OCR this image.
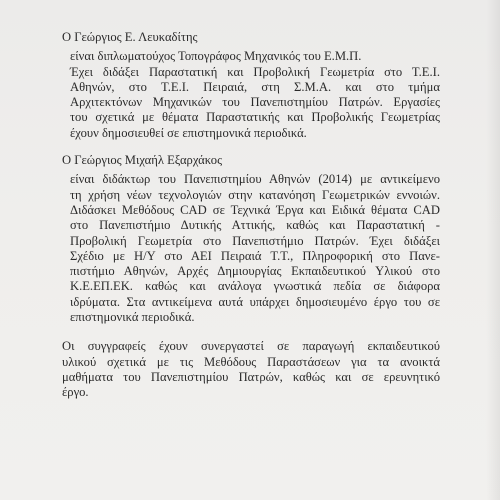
Ο Γεώργιος Ε. Λευκαδίτης
είναι διπλωματούχος Τοπογράφος Μηχανικός του Ε.Μ.Π.
Έχει διδάξει Παραστατική και Προβολική Γεωμετρία στο Τ.Ε.Ι.
Αθηνών, στο Τ.Ε.Ι. Πειραιά, στη Σ.Μ.Α. και στο τμήμα
Αρχιτεκτόνων Μηχανικών του Πανεπιστημίου Πατρών. Εργασίες
του σχετικά με θέματα Παραστατικής και Προβολικής Γεωμετρίας
έχουν δημοσιευθεί σε επιστημονικά περιοδικά.
Ο Γεώργιος Μιχαήλ Εξαρχάκος
είναι διδάκτωρ του Πανεπιστημίου Αθηνών (2014) με αντικείμενο
τη χρήση νέων τεχνολογιών στην κατανόηση Γεωμετρικών εννοιών.
Διδάσκει Μεθόδους CAD σε Τεχνικά Έργα και Ειδικά θέματα CAD
στο Πανεπιστήμιο Δυτικής Αττικής, καθώς και Παραστατική -
Προβολική Γεωμετρία στο Πανεπιστήμιο Πατρών. Έχει διδάξει
Σχέδιο με Η/Υ στο ΑΕΙ Πειραιά Τ.Τ., Πληροφορική στο Πανε-
πιστήμιο Αθηνών, Αρχές Δημιουργίας Εκπαιδευτικού Υλικού στο
Κ.Ε.ΕΠ.ΕΚ. καθώς και ανάλογα γνωστικά πεδία σε διάφορα
ιδρύματα. Στα αντικείμενα αυτά υπάρχει δημοσιευμένο έργο του σε
επιστημονικά περιοδικά.
Οι συγγραφείς έχουν συνεργαστεί σε παραγωγή εκπαιδευτικού
υλικού σχετικά με τις Μεθόδους Παραστάσεων για τα ανοικτά
μαθήματα του Πανεπιστημίου Πατρών, καθώς και σε ερευνητικό
έργο.
